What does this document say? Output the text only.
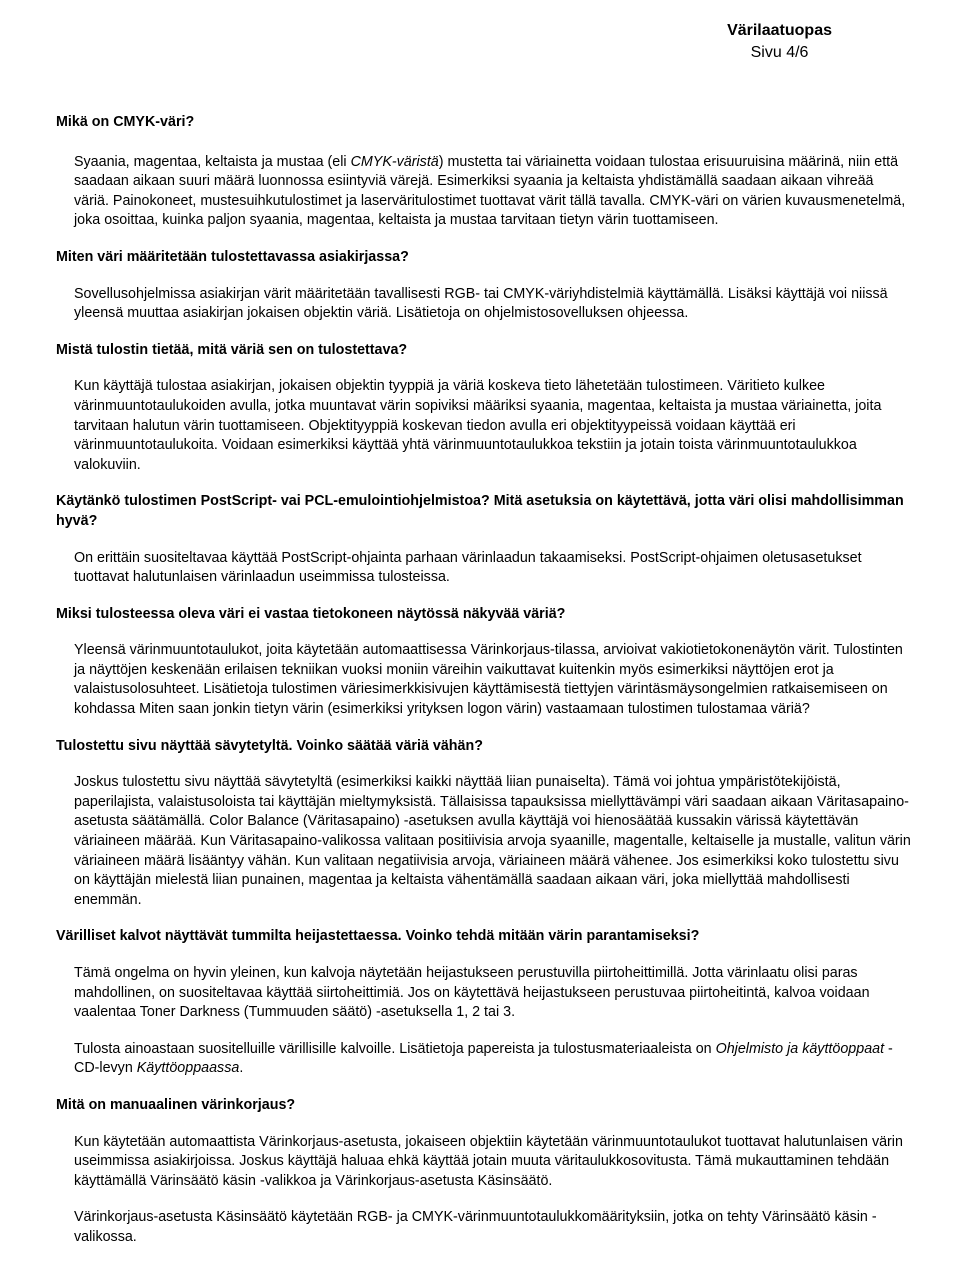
Värilaatuopas
Sivu 4/6
Mikä on CMYK-väri?
Syaania, magentaa, keltaista ja mustaa (eli CMYK-väristä) mustetta tai väriainetta voidaan tulostaa erisuuruisina määrinä, niin että saadaan aikaan suuri määrä luonnossa esiintyviä värejä. Esimerkiksi syaania ja keltaista yhdistämällä saadaan aikaan vihreää väriä. Painokoneet, mustesuihkutulostimet ja laserväritulostimet tuottavat värit tällä tavalla. CMYK-väri on värien kuvausmenetelmä, joka osoittaa, kuinka paljon syaania, magentaa, keltaista ja mustaa tarvitaan tietyn värin tuottamiseen.
Miten väri määritetään tulostettavassa asiakirjassa?
Sovellusohjelmissa asiakirjan värit määritetään tavallisesti RGB- tai CMYK-väriyhdistelmiä käyttämällä. Lisäksi käyttäjä voi niissä yleensä muuttaa asiakirjan jokaisen objektin väriä. Lisätietoja on ohjelmistosovelluksen ohjeessa.
Mistä tulostin tietää, mitä väriä sen on tulostettava?
Kun käyttäjä tulostaa asiakirjan, jokaisen objektin tyyppiä ja väriä koskeva tieto lähetetään tulostimeen. Väritieto kulkee värinmuuntotaulukoiden avulla, jotka muuntavat värin sopiviksi määriksi syaania, magentaa, keltaista ja mustaa väriainetta, joita tarvitaan halutun värin tuottamiseen. Objektityyppiä koskevan tiedon avulla eri objektityypeissä voidaan käyttää eri värinmuuntotaulukoita. Voidaan esimerkiksi käyttää yhtä värinmuuntotaulukkoa tekstiin ja jotain toista värinmuuntotaulukkoa valokuviin.
Käytänkö tulostimen PostScript- vai PCL-emulointiohjelmistoa? Mitä asetuksia on käytettävä, jotta väri olisi mahdollisimman hyvä?
On erittäin suositeltavaa käyttää PostScript-ohjainta parhaan värinlaadun takaamiseksi. PostScript-ohjaimen oletusasetukset tuottavat halutunlaisen värinlaadun useimmissa tulosteissa.
Miksi tulosteessa oleva väri ei vastaa tietokoneen näytössä näkyvää väriä?
Yleensä värinmuuntotaulukot, joita käytetään automaattisessa Värinkorjaus-tilassa, arvioivat vakiotietokonenäytön värit. Tulostinten ja näyttöjen keskenään erilaisen tekniikan vuoksi moniin väreihin vaikuttavat kuitenkin myös esimerkiksi näyttöjen erot ja valaistusolosuhteet. Lisätietoja tulostimen väriesimerkkisivujen käyttämisestä tiettyjen värintäsmäysongelmien ratkaisemiseen on kohdassa Miten saan jonkin tietyn värin (esimerkiksi yrityksen logon värin) vastaamaan tulostimen tulostamaa väriä?
Tulostettu sivu näyttää sävytetyltä. Voinko säätää väriä vähän?
Joskus tulostettu sivu näyttää sävytetyltä (esimerkiksi kaikki näyttää liian punaiselta). Tämä voi johtua ympäristötekijöistä, paperilajista, valaistusoloista tai käyttäjän mieltymyksistä. Tällaisissa tapauksissa miellyttävämpi väri saadaan aikaan Väritasapaino-asetusta säätämällä. Color Balance (Väritasapaino) -asetuksen avulla käyttäjä voi hienosäätää kussakin värissä käytettävän väriaineen määrää. Kun Väritasapaino-valikossa valitaan positiivisia arvoja syaanille, magentalle, keltaiselle ja mustalle, valitun värin väriaineen määrä lisääntyy vähän. Kun valitaan negatiivisia arvoja, väriaineen määrä vähenee. Jos esimerkiksi koko tulostettu sivu on käyttäjän mielestä liian punainen, magentaa ja keltaista vähentämällä saadaan aikaan väri, joka miellyttää mahdollisesti enemmän.
Värilliset kalvot näyttävät tummilta heijastettaessa. Voinko tehdä mitään värin parantamiseksi?
Tämä ongelma on hyvin yleinen, kun kalvoja näytetään heijastukseen perustuvilla piirtoheittimillä. Jotta värinlaatu olisi paras mahdollinen, on suositeltavaa käyttää siirtoheittimiä. Jos on käytettävä heijastukseen perustuvaa piirtoheitintä, kalvoa voidaan vaalentaa Toner Darkness (Tummuuden säätö) -asetuksella 1, 2 tai 3.
Tulosta ainoastaan suositelluille värillisille kalvoille. Lisätietoja papereista ja tulostusmateriaaleista on Ohjelmisto ja käyttöoppaat -CD-levyn Käyttöoppaassa.
Mitä on manuaalinen värinkorjaus?
Kun käytetään automaattista Värinkorjaus-asetusta, jokaiseen objektiin käytetään värinmuuntotaulukot tuottavat halutunlaisen värin useimmissa asiakirjoissa. Joskus käyttäjä haluaa ehkä käyttää jotain muuta väritaulukkosovitusta. Tämä mukauttaminen tehdään käyttämällä Värinsäätö käsin -valikkoa ja Värinkorjaus-asetusta Käsinsäätö.
Värinkorjaus-asetusta Käsinsäätö käytetään RGB- ja CMYK-värinmuuntotaulukkomäärityksiin, jotka on tehty Värinsäätö käsin -valikossa.
